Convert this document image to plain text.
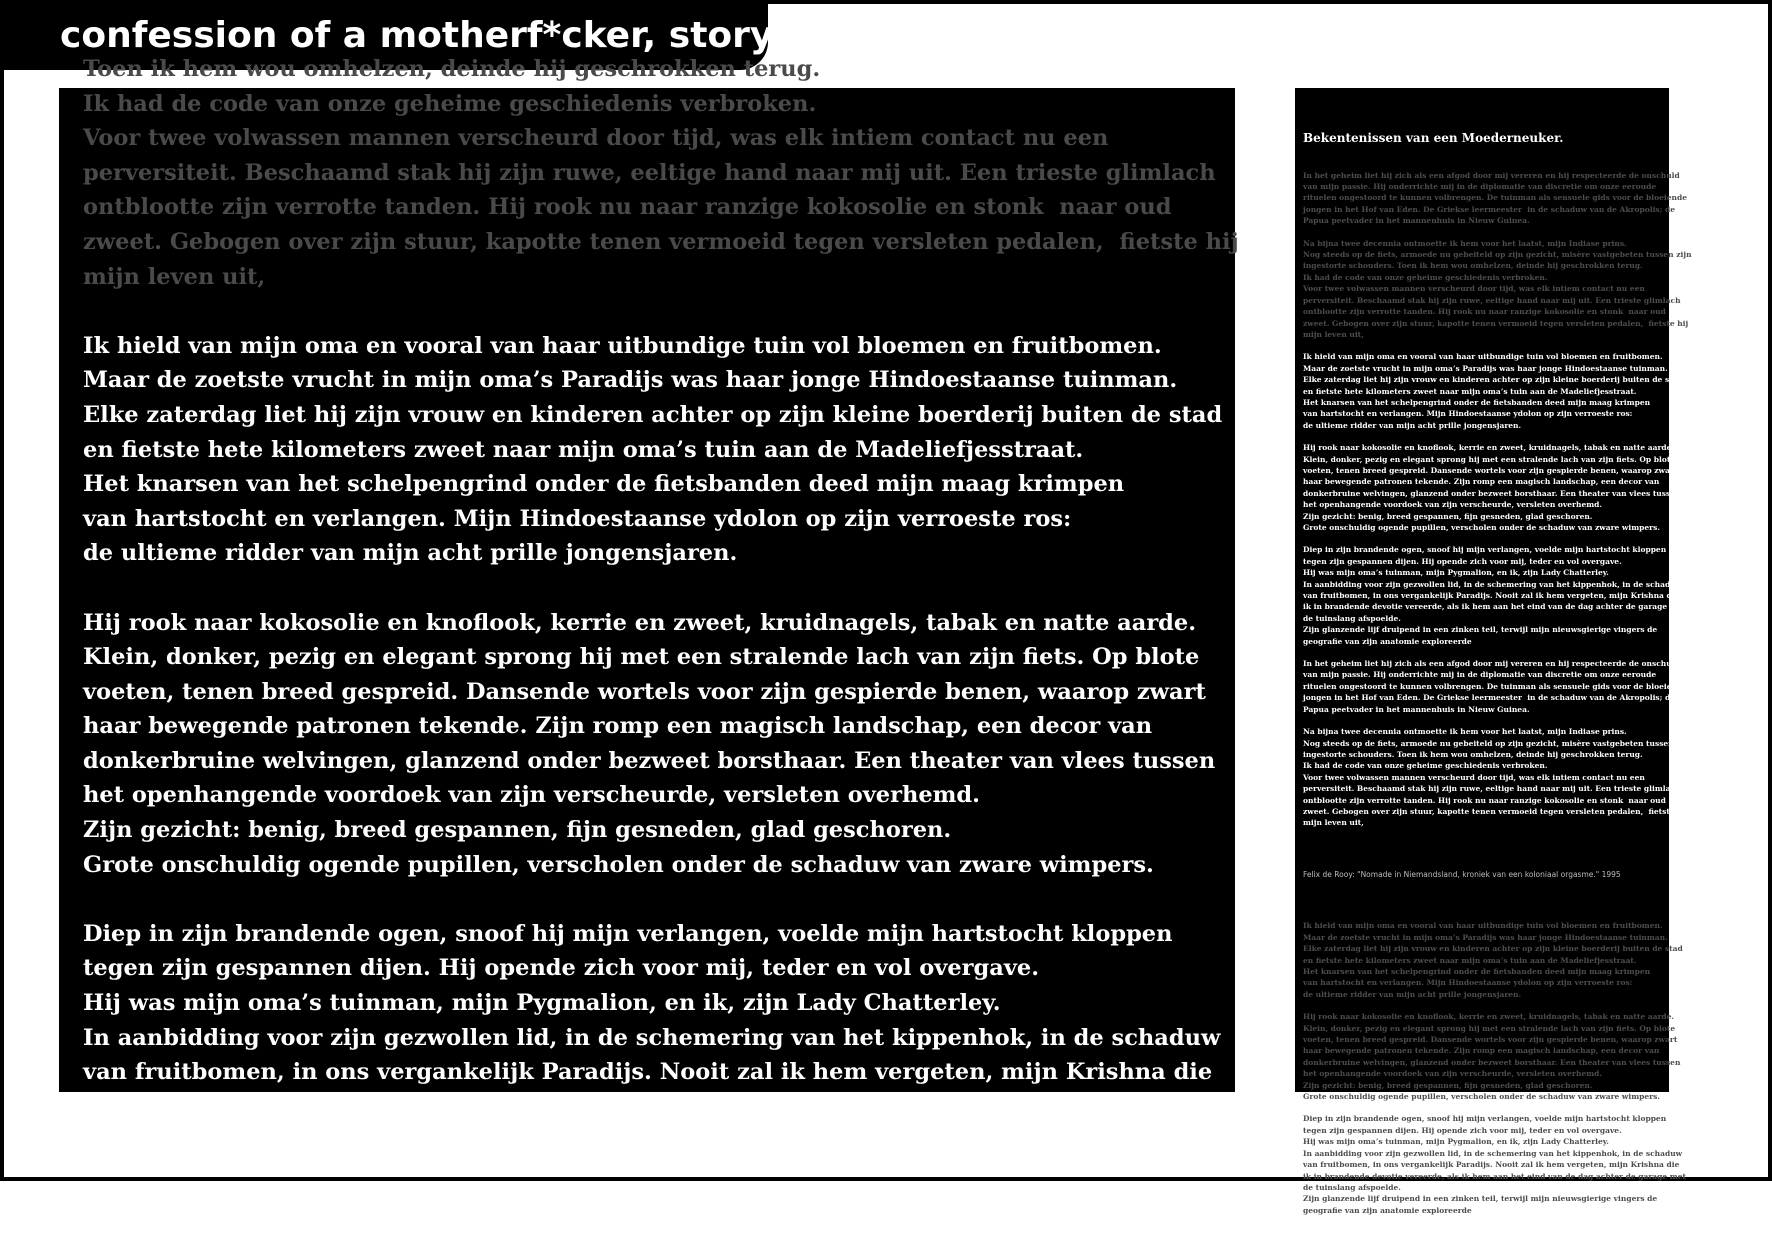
confession of a motherf*cker, story
Toen ik hem wou omhelzen, deinde hij geschrokken terug.
Ik had de code van onze geheime geschiedenis verbroken.
Voor twee volwassen mannen verscheurd door tijd, was elk intiem contact nu een
perversiteit. Beschaamd stak hij zijn ruwe, eeltige hand naar mij uit. Een trieste glimlach
ontblootte zijn verrotte tanden. Hij rook nu naar ranzige kokosolie en stonk  naar oud
zweet. Gebogen over zijn stuur, kapotte tenen vermoeid tegen versleten pedalen,  fietste hij
mijn leven uit,

Ik hield van mijn oma en vooral van haar uitbundige tuin vol bloemen en fruitbomen.
Maar de zoetste vrucht in mijn oma’s Paradijs was haar jonge Hindoestaanse tuinman.
Elke zaterdag liet hij zijn vrouw en kinderen achter op zijn kleine boerderij buiten de stad
en fietste hete kilometers zweet naar mijn oma’s tuin aan de Madeliefjesstraat.
Het knarsen van het schelpengrind onder de fietsbanden deed mijn maag krimpen
van hartstocht en verlangen. Mijn Hindoestaanse ydolon op zijn verroeste ros:
de ultieme ridder van mijn acht prille jongensjaren.

Hij rook naar kokosolie en knoflook, kerrie en zweet, kruidnagels, tabak en natte aarde.
Klein, donker, pezig en elegant sprong hij met een stralende lach van zijn fiets. Op blote
voeten, tenen breed gespreid. Dansende wortels voor zijn gespierde benen, waarop zwart
haar bewegende patronen tekende. Zijn romp een magisch landschap, een decor van
donkerbruine welvingen, glanzend onder bezweet borsthaar. Een theater van vlees tussen
het openhangende voordoek van zijn verscheurde, versleten overhemd.
Zijn gezicht: benig, breed gespannen, fijn gesneden, glad geschoren.
Grote onschuldig ogende pupillen, verscholen onder de schaduw van zware wimpers.

Diep in zijn brandende ogen, snoof hij mijn verlangen, voelde mijn hartstocht kloppen
tegen zijn gespannen dijen. Hij opende zich voor mij, teder en vol overgave.
Hij was mijn oma’s tuinman, mijn Pygmalion, en ik, zijn Lady Chatterley.
In aanbidding voor zijn gezwollen lid, in de schemering van het kippenhok, in de schaduw
van fruitbomen, in ons vergankelijk Paradijs. Nooit zal ik hem vergeten, mijn Krishna die

Bekentenissen van een Moederneuker.

In het geheim liet hij zich als een afgod door mij vereren en hij respecteerde de onschuld
van mijn passie. Hij onderrichte mij in de diplomatie van discretie om onze eeroude
rituelen ongestoord te kunnen volbrengen. De tuinman als sensuele gids voor de bloeiende
jongen in het Hof van Eden. De Griekse leermeester  in de schaduw van de Akropolis; de
Papua peetvader in het mannenhuis in Nieuw Guinea.
Na bijna twee decennia ontmoette ik hem voor het laatst, mijn Indiase prins.
Nog steeds op de fiets, armoede nu gebeiteld op zijn gezicht, misère vastgebeten tussen zijn
ingestorte schouders. Toen ik hem wou omhelzen, deinde hij geschrokken terug.
Ik had de code van onze geheime geschiedenis verbroken.
Voor twee volwassen mannen verscheurd door tijd, was elk intiem contact nu een
perversiteit. Beschaamd stak hij zijn ruwe, eeltige hand naar mij uit. Een trieste glimlach
ontblootte zijn verrotte tanden. Hij rook nu naar ranzige kokosolie en stonk  naar oud
zweet. Gebogen over zijn stuur, kapotte tenen vermoeid tegen versleten pedalen,  fietste hij
mijn leven uit,
Ik hield van mijn oma en vooral van haar uitbundige tuin vol bloemen en fruitbomen.
Maar de zoetste vrucht in mijn oma’s Paradijs was haar jonge Hindoestaanse tuinman.
Elke zaterdag liet hij zijn vrouw en kinderen achter op zijn kleine boerderij buiten de stad
en fietste hete kilometers zweet naar mijn oma’s tuin aan de Madeliefjesstraat.
Het knarsen van het schelpengrind onder de fietsbanden deed mijn maag krimpen
van hartstocht en verlangen. Mijn Hindoestaanse ydolon op zijn verroeste ros:
de ultieme ridder van mijn acht prille jongensjaren.
Hij rook naar kokosolie en knoflook, kerrie en zweet, kruidnagels, tabak en natte aarde.
Klein, donker, pezig en elegant sprong hij met een stralende lach van zijn fiets. Op blote
voeten, tenen breed gespreid. Dansende wortels voor zijn gespierde benen, waarop zwart
haar bewegende patronen tekende. Zijn romp een magisch landschap, een decor van
donkerbruine welvingen, glanzend onder bezweet borsthaar. Een theater van vlees tussen
het openhangende voordoek van zijn verscheurde, versleten overhemd.
Zijn gezicht: benig, breed gespannen, fijn gesneden, glad geschoren.
Grote onschuldig ogende pupillen, verscholen onder de schaduw van zware wimpers.
Diep in zijn brandende ogen, snoof hij mijn verlangen, voelde mijn hartstocht kloppen
tegen zijn gespannen dijen. Hij opende zich voor mij, teder en vol overgave.
Hij was mijn oma’s tuinman, mijn Pygmalion, en ik, zijn Lady Chatterley.
In aanbidding voor zijn gezwollen lid, in de schemering van het kippenhok, in de schaduw
van fruitbomen, in ons vergankelijk Paradijs. Nooit zal ik hem vergeten, mijn Krishna die
ik in brandende devotie vereerde, als ik hem aan het eind van de dag achter de garage met
de tuinslang afspoelde.
Zijn glanzende lijf druipend in een zinken teil, terwijl mijn nieuwsgierige vingers de
geografie van zijn anatomie exploreerde
In het geheim liet hij zich als een afgod door mij vereren en hij respecteerde de onschuld
van mijn passie. Hij onderrichte mij in de diplomatie van discretie om onze eeroude
rituelen ongestoord te kunnen volbrengen. De tuinman als sensuele gids voor de bloeiende
jongen in het Hof van Eden. De Griekse leermeester  in de schaduw van de Akropolis; de
Papua peetvader in het mannenhuis in Nieuw Guinea.
Na bijna twee decennia ontmoette ik hem voor het laatst, mijn Indiase prins.
Nog steeds op de fiets, armoede nu gebeiteld op zijn gezicht, misère vastgebeten tussen zijn
ingestorte schouders. Toen ik hem wou omhelzen, deinde hij geschrokken terug.
Ik had de code van onze geheime geschiedenis verbroken.
Voor twee volwassen mannen verscheurd door tijd, was elk intiem contact nu een
perversiteit. Beschaamd stak hij zijn ruwe, eeltige hand naar mij uit. Een trieste glimlach
ontblootte zijn verrotte tanden. Hij rook nu naar ranzige kokosolie en stonk  naar oud
zweet. Gebogen over zijn stuur, kapotte tenen vermoeid tegen versleten pedalen,  fietste hij
mijn leven uit,

Felix de Rooy: "Nomade in Niemandsland, kroniek van een koloniaal orgasme." 1995

Ik hield van mijn oma en vooral van haar uitbundige tuin vol bloemen en fruitbomen.
Maar de zoetste vrucht in mijn oma’s Paradijs was haar jonge Hindoestaanse tuinman.
Elke zaterdag liet hij zijn vrouw en kinderen achter op zijn kleine boerderij buiten de stad
en fietste hete kilometers zweet naar mijn oma’s tuin aan de Madeliefjesstraat.
Het knarsen van het schelpengrind onder de fietsbanden deed mijn maag krimpen
van hartstocht en verlangen. Mijn Hindoestaanse ydolon op zijn verroeste ros:
de ultieme ridder van mijn acht prille jongensjaren.
Hij rook naar kokosolie en knoflook, kerrie en zweet, kruidnagels, tabak en natte aarde.
Klein, donker, pezig en elegant sprong hij met een stralende lach van zijn fiets. Op blote
voeten, tenen breed gespreid. Dansende wortels voor zijn gespierde benen, waarop zwart
haar bewegende patronen tekende. Zijn romp een magisch landschap, een decor van
donkerbruine welvingen, glanzend onder bezweet borsthaar. Een theater van vlees tussen
het openhangende voordoek van zijn verscheurde, versleten overhemd.
Zijn gezicht: benig, breed gespannen, fijn gesneden, glad geschoren.
Grote onschuldig ogende pupillen, verscholen onder de schaduw van zware wimpers.
Diep in zijn brandende ogen, snoof hij mijn verlangen, voelde mijn hartstocht kloppen
tegen zijn gespannen dijen. Hij opende zich voor mij, teder en vol overgave.
Hij was mijn oma’s tuinman, mijn Pygmalion, en ik, zijn Lady Chatterley.
In aanbidding voor zijn gezwollen lid, in de schemering van het kippenhok, in de schaduw
van fruitbomen, in ons vergankelijk Paradijs. Nooit zal ik hem vergeten, mijn Krishna die
ik in brandende devotie vereerde, als ik hem aan het eind van de dag achter de garage met
de tuinslang afspoelde.
Zijn glanzende lijf druipend in een zinken teil, terwijl mijn nieuwsgierige vingers de
geografie van zijn anatomie exploreerde
